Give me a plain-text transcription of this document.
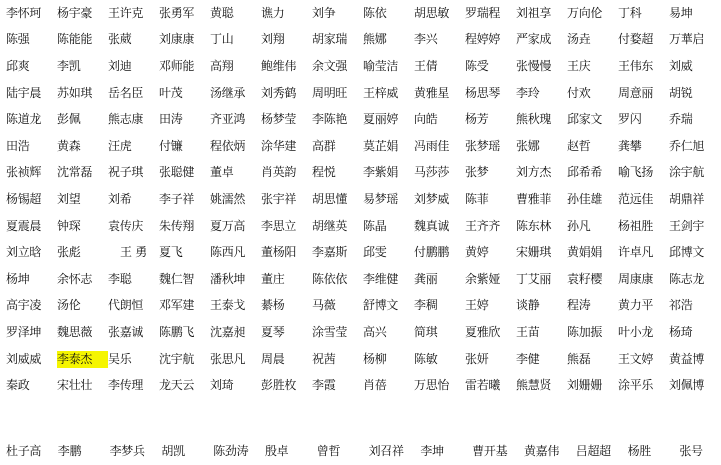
李怀珂	杨宇豪	王许克	张勇军	黄聪	谯力	刘争	陈依	胡思敏	罗瑞程	刘祖享	万向伦	丁科	易坤
陈强	陈能能	张葳	刘康康	丁山	刘翔	胡家瑞	熊娜	李兴	程婷婷	严家成	汤垚	付婺超	万華启
邱爽	李凯	刘迪	邓师能	高翔	鲍维伟	余文强	喻莹洁	王倩	陈受	张慢慢	王庆	王伟东	刘威
陆宇晨	苏如琪	岳名臣	叶茂	汤继承	刘秀鹤	周明旺	王梓威	黄雅星	杨思琴	李玲	付欢	周意丽	胡锐
陈道龙	彭佩	熊志康	田涛	齐亚鸿	杨梦莹	李陈艳	夏丽婷	向皓	杨芳	熊秋瑰	邱家文	罗闪	乔瑞
田浩	黄森	汪虎	付镰	程依炳	涂华建	高群	莫芷娟	冯雨佳	张梦瑶	张娜	赵哲	龚攀	乔仁旭
张祯辉	沈常磊	祝子琪	张聪健	董卓	肖英韵	程悦	李紫娟	马莎莎	张梦	刘方杰	邱希希	喻飞扬	涂宇航
杨锡超	刘望	刘希	李子祥	姚濡然	张宇祥	胡思懂	易梦瑶	刘梦威	陈菲	曹雅菲	孙佳雄	范远佳	胡鼎祥
夏震晨	钟琛	袁传庆	朱传翔	夏万高	李思立	胡继英	陈晶	魏真诚	王齐齐	陈东林	孙凡	杨祖胜	王剑宇
刘立晗	张彪	王 勇	夏飞	陈西凡	董杨阳	李嘉斯	邱雯	付鹏鹏	黄婷	宋姗琪	黄娟娟	许卓凡	邱博文
杨坤	余怀志	李聪	魏仁智	潘秋坤	董庄	陈依依	李维健	龚丽	余紫娅	丁艾丽	袁籽樱	周康康	陈志龙
高宇凌	汤伦	代朗恒	邓军建	王泰戈	綦杨	马薇	舒博文	李稠	王婷	谈静	程涛	黄力平	祁浩
罗泽坤	魏思薇	张嘉诚	陈鹏飞	沈嘉昶	夏琴	涂雪莹	高兴	简琪	夏雅欣	王苗	陈加振	叶小龙	杨琦
刘威威	李泰杰	吴乐	沈宇航	张思凡	周晨	祝茜	杨柳	陈敏	张妍	李健	熊磊	王文婷	黄益博
秦政	宋壮壮	李传理	龙天云	刘琦	彭胜枚	李霞	肖蓓	万思怡	雷若曦	熊慧贤	刘姗姗	涂平乐	刘佩博
杜子高	李鹏	李梦兵	胡凯	陈劲涛	殷卓	曾哲	刘召祥	李坤	曹开基	黄嘉伟	吕超超	杨胜	张号
